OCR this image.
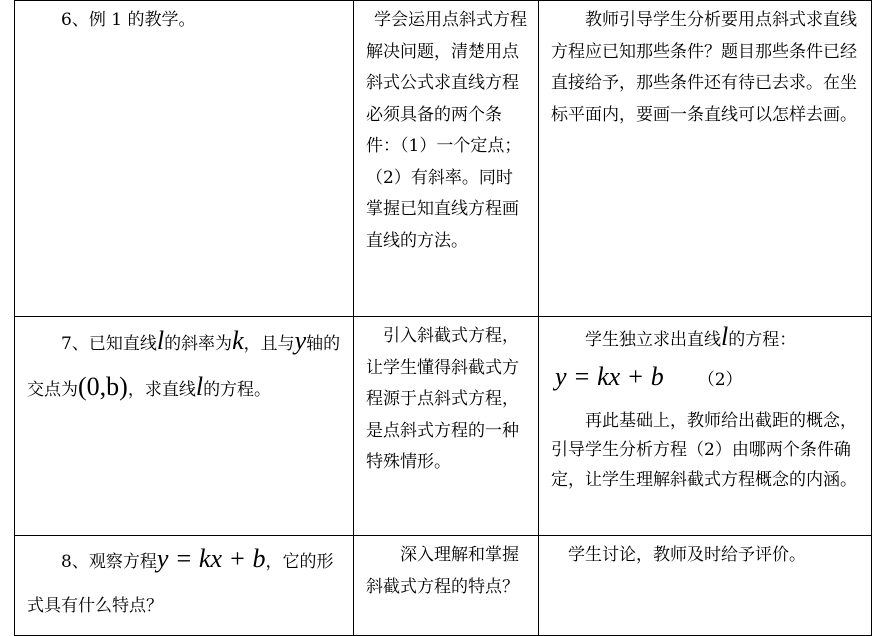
6、例 1 的教学。	学会运用点斜式方程解决问题，清楚用点斜式公式求直线方程必须具备的两个条件：（1）一个定点；（2）有斜率。同时掌握已知直线方程画直线的方法。	教师引导学生分析要用点斜式求直线方程应已知那些条件？题目那些条件已经直接给予，那些条件还有待已去求。在坐标平面内，要画一条直线可以怎样去画。

7、已知直线l的斜率为k，且与y轴的交点为(0,b)，求直线l的方程。	引入斜截式方程，让学生懂得斜截式方程源于点斜式方程，是点斜式方程的一种特殊情形。	学生独立求出直线l的方程：
y = kx + b （2）
再此基础上，教师给出截距的概念，引导学生分析方程（2）由哪两个条件确定，让学生理解斜截式方程概念的内涵。

8、观察方程y = kx + b，它的形式具有什么特点？	深入理解和掌握斜截式方程的特点？	学生讨论，教师及时给予评价。
